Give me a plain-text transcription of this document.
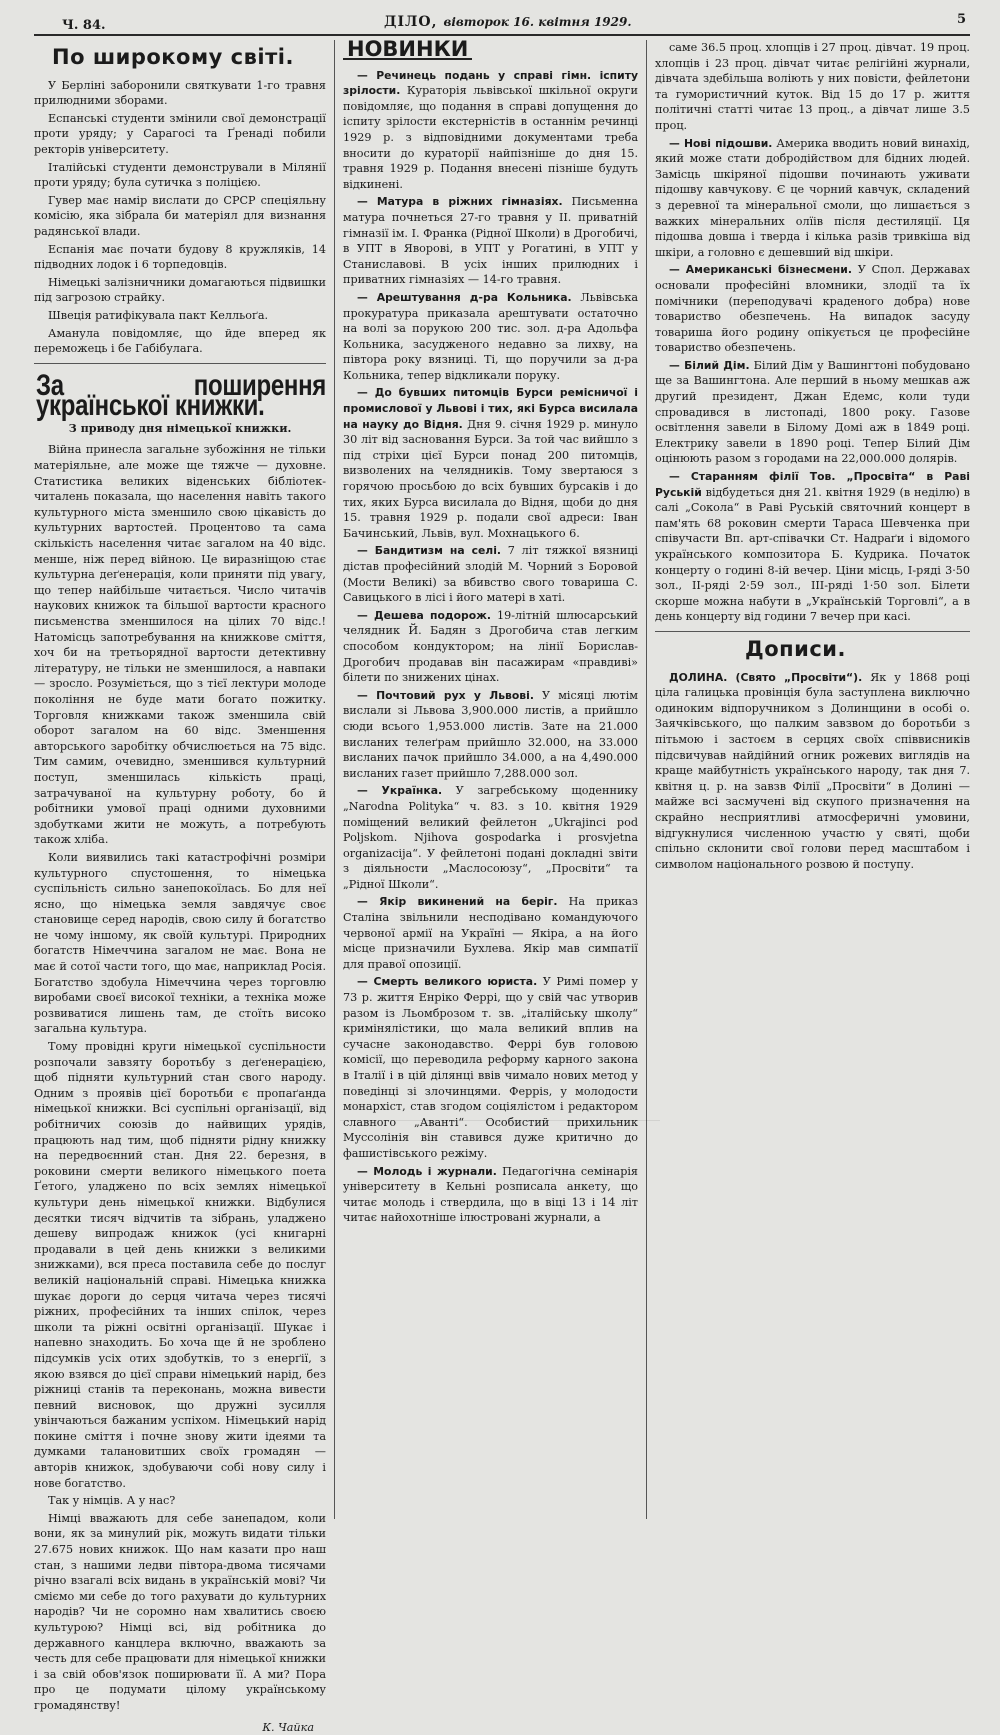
Ч. 84.	ДІЛО, вівторок 16. квітня 1929.	5
По широкому світі.

У Берліні заборонили святкувати 1-го травня прилюдними зборами.

Еспанські студенти змінили свої демонстрації проти уряду; у Сарагосі та Ґренаді побили ректорів університету.

Італійські студенти демонстрували в Мілянії проти уряду; була сутичка з поліцією.

Гувер має намір вислати до СРСР спеціяльну комісію, яка зібрала би матеріял для визнання радянської влади.

Еспанія має почати будову 8 кружляків, 14 підводних лодок і 6 торпедовців.

Німецькі залізничники домагаються підвишки під загрозою страйку.

Швеція ратифікувала пакт Келльоґа.

Аманула повідомляє, що йде вперед як переможець і бе Габібулага.

За поширення української книжки.
З приводу дня німецької книжки.

Війна принесла загальне зубожіння не тільки матеріяльне, але може ще тяжче — духовне. Статистика великих віденських бібліотек-читалень показала, що населення навіть такого культурного міста зменшило свою цікавість до культурних вартостей. Процентово та сама скількість населення читає загалом на 40 відс. менше, ніж перед війною. Це виразніщою стає культурна деґенерація, коли приняти під увагу, що тепер найбільше читається. Число читачів наукових книжок та більшої вартости красного письменства зменшилося на цілих 70 відс.! Натомісць запотребування на книжкове сміття, хоч би на третьорядної вартости детективну літературу, не тільки не зменшилося, а навпаки — зросло. Розуміється, що з тієї лектури молоде покоління не буде мати богато пожитку. Торговля книжками також зменшила свій оборот загалом на 60 відс. Зменшення авторського заробітку обчислюється на 75 відс. Тим самим, очевидно, зменшився культурний поступ, зменшилась кількість праці, затрачуваної на культурну роботу, бо й робітники умової праці одними духовними здобутками жити не можуть, а потребують також хліба.

Коли виявились такі катастрофічні розміри культурного спустошення, то німецька суспільність сильно занепокоїлась. Бо для неї ясно, що німецька земля завдячує своє становище серед народів, свою силу й богатство не чому іншому, як своїй культурі. Природних богатств Німеччина загалом не має. Вона не має й сотої части того, що має, наприклад Росія. Богатство здобула Німеччина через торговлю виробами своєї високої техніки, а техніка може розвиватися лишень там, де стоїть високо загальна культура.

Тому провідні круги німецької суспільности розпочали завзяту боротьбу з деґенерацією, щоб підняти культурний стан свого народу. Одним з проявів цієї боротьби є пропаґанда німецької книжки. Всі суспільні організації, від робітничих союзів до найвищих урядів, працюють над тим, щоб підняти рідну книжку на передвоєнний стан. Дня 22. березня, в роковини смерти великого німецького поета Ґетого, уладжено по всіх землях німецької культури день німецької книжки. Відбулися десятки тисяч відчитів та зібрань, уладжено дешеву випродаж книжок (усі книгарні продавали в цей день книжки з великими знижками), вся преса поставила себе до послуг великій національній справі. Німецька книжка шукає дороги до серця читача через тисячі ріжних, професійних та інших спілок, через школи та ріжні освітні організації. Шукає і напевно знаходить. Бо хоча ще й не зроблено підсумків усіх отих здобутків, то з енерґії, з якою взявся до цієї справи німецький нарід, без ріжниці станів та переконань, можна вивести певний висновок, що дружні зусилля увінчаються бажаним успіхом. Німецький нарід покине сміття і почне знову жити ідеями та думками талановитших своїх громадян — авторів книжок, здобуваючи собі нову силу і нове богатство.

Так у німців. А у нас?

Німці вважають для себе занепадом, коли вони, як за минулий рік, можуть видати тільки 27.675 нових книжок. Що нам казати про наш стан, з нашими ледви півтора-двома тисячами річно взагалі всіх видань в українській мові? Чи сміємо ми себе до того рахувати до культурних народів? Чи не соромно нам хвалитись своєю культурою? Німці всі, від робітника до державного канцлера включно, вважають за честь для себе працювати для німецької книжки і за свій обов'язок поширювати її. А ми? Пора про це подумати цілому українському громадянству!

К. Чайка
НОВИНКИ

— Речинець подань у справі гімн. іспиту зрілости. Кураторія львівської шкільної округи повідомляє, що подання в справі допущення до іспиту зрілости екстерністів в останнім речинці 1929 р. з відповідними документами треба вносити до кураторії найпізніше до дня 15. травня 1929 р. Подання внесені пізніше будуть відкинені.

— Матура в ріжних гімназіях. Письменна матура почнеться 27-го травня у II. приватній гімназії ім. І. Франка (Рідної Школи) в Дрогобичі, в УПТ в Яворові, в УПТ у Рогатині, в УПТ у Станиславові. В усіх інших прилюдних і приватних гімназіях — 14-го травня.

— Арештування д-ра Кольника. Львівська прокуратура приказала арештувати остаточно на волі за порукою 200 тис. зол. д-ра Адольфа Кольника, засудженого недавно за лихву, на півтора року вязниці. Ті, що поручили за д-ра Кольника, тепер відкликали поруку.

— До бувших питомців Бурси ремісничої і промислової у Львові і тих, які Бурса висилала на науку до Відня. Дня 9. січня 1929 р. минуло 30 літ від засновання Бурси. За той час вийшло з під стріхи цієї Бурси понад 200 питомців, визволених на челядників. Тому звертаюся з горячою просьбою до всіх бувших бурсаків і до тих, яких Бурса висилала до Відня, щоби до дня 15. травня 1929 р. подали свої адреси: Іван Бачинський, Львів, вул. Мохнацького 6.

— Бандитизм на селі. 7 літ тяжкої вязниці дістав професійний злодій М. Чорний з Боровой (Мости Великі) за вбивство свого товариша С. Савицького в лісі і його матері в хаті.

— Дешева подорож. 19-літній шлюсарський челядник Й. Бадян з Дрогобича став легким способом кондуктором; на лінії Борислав-Дрогобич продавав він пасажирам «правдиві» білети по знижених цінах.

— Почтовий рух у Львові. У місяці лютім вислали зі Львова 3,900.000 листів, а прийшло сюди всього 1,953.000 листів. Зате на 21.000 висланих телеґрам прийшло 32.000, на 33.000 висланих пачок прийшло 34.000, а на 4,490.000 висланих газет прийшло 7,288.000 зол.

— Українка. У загребському щоденнику „Narodna Politykа“ ч. 83. з 10. квітня 1929 поміщений великий фейлетон „Ukrajinci pod Poljskom. Njihova gospodarka i prosvjetna organizacija“. У фейлетоні подані докладні звіти з діяльности „Маслосоюзу“, „Просвіти“ та „Рідної Школи“.

— Якір викинений на беріг. На приказ Сталіна звільнили несподівано командуючого червоної армії на Україні — Якіра, а на його місце призначили Бухлева. Якір мав симпатії для правої опозиції.

— Смерть великого юриста. У Римі помер у 73 р. життя Енріко Феррі, що у свій час утворив разом із Льомброзом т. зв. „італійську школу“ кримінялістики, що мала великий вплив на сучасне законодавство. Феррі був головою комісії, що переводила реформу карного закона в Італії і в цій ділянці ввів чимало нових метод у поведінці зі злочинцями. Ферріs, у молодости монархіст, став згодом соціялістом і редактором славного „Аванті“. Особистий прихильник Муссолінія він ставився дуже критично до фашистівського режіму.

— Молодь і журнали. Педагогічна семінарія університету в Кельні розписала анкету, що читає молодь і ствердила, що в віці 13 і 14 літ читає найохотніше ілюстровані журнали, а

саме 36.5 проц. хлопців і 27 проц. дівчат. 19 проц. хлопців і 23 проц. дівчат читає релігійні журнали, дівчата здебільша воліють у них повісти, фейлетони та гумористичний куток. Від 15 до 17 р. життя політичні статті читає 13 проц., а дівчат лише 3.5 проц.

— Нові підошви. Америка вводить новий винахід, який може стати добродійством для бідних людей. Замісць шкіряної підошви починають уживати підошву кавчукову. Є це чорний кавчук, складений з деревної та мінеральної смоли, що лишається з важких мінеральних олїів після дестиляції. Ця підошва довша і тверда і кілька разів тривкіша від шкіри, а головно є дешевший від шкіри.

— Американські бізнесмени. У Спол. Державах основали професійні вломники, злодії та їх помічники (переподувачі краденого добра) нове товариство обезпечень. На випадок засуду товариша його родину опікується це професійне товариство обезпечень.

— Білий Дім. Білий Дім у Вашингтоні побудовано ще за Вашингтона. Але перший в ньому мешкав аж другий президент, Джан Едемс, коли туди спровадився в листопаді, 1800 року. Газове освітлення завели в Білому Домі аж в 1849 році. Електрику завели в 1890 році. Тепер Білий Дім оцінюють разом з городами на 22,000.000 долярів.

— Старанням філії Тов. „Просвіта“ в Раві Руській відбудеться дня 21. квітня 1929 (в неділю) в салі „Сокола“ в Раві Руській святочний концерт в пам'ять 68 роковин смерти Тараса Шевченка при співучасти Вп. арт-співачки Ст. Надраґи і відомого українського композитора Б. Кудрика. Початок концерту о годині 8-ій вечер. Ціни місць, І-ряді 3·50 зол., ІІ-ряді 2·59 зол., ІІІ-ряді 1·50 зол. Білети скорше можна набути в „Українській Торговлі“, а в день концерту від години 7 вечер при касі.

Дописи.

ДОЛИНА. (Свято „Просвіти“). Як у 1868 році ціла галицька провінція була заступлена виключно одиноким відпоручником з Долинщини в особі о. Заячківського, що палким завзвом до боротьби з пітьмою і застоєм в серцях своїх співвисників підсвичував найдійний огник рожевих виглядів на краще майбутність українського народу, так дня 7. квітня ц. р. на завзв Філії „Просвіти“ в Долині — майже всі засмучені від скупого призначення на скрайно несприятливі атмосферичні умовини, відгукнулися численною участю у святі, щоби спільно склонити свої голови перед масштабом і символом національного розвою й поступу.
